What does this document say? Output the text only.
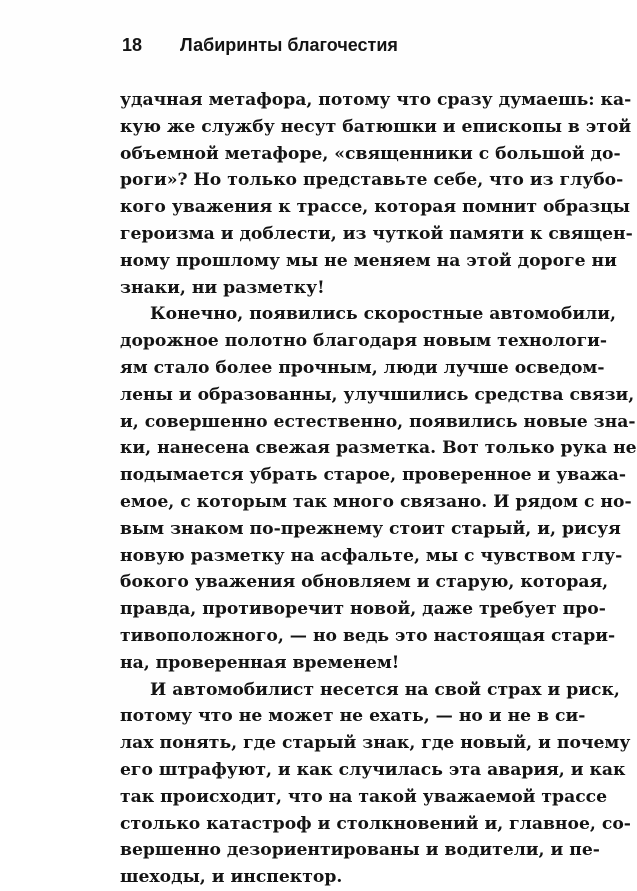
18 Лабиринты благочестия
удачная метафора, потому что сразу думаешь: ка-
кую же службу несут батюшки и епископы в этой
объемной метафоре, «священники с большой до-
роги»? Но только представьте себе, что из глубо-
кого уважения к трассе, которая помнит образцы
героизма и доблести, из чуткой памяти к священ-
ному прошлому мы не меняем на этой дороге ни
знаки, ни разметку!
Конечно, появились скоростные автомобили,
дорожное полотно благодаря новым технологи-
ям стало более прочным, люди лучше осведом-
лены и образованны, улучшились средства связи,
и, совершенно естественно, появились новые зна-
ки, нанесена свежая разметка. Вот только рука не
подымается убрать старое, проверенное и уважа-
емое, с которым так много связано. И рядом с но-
вым знаком по-прежнему стоит старый, и, рисуя
новую разметку на асфальте, мы с чувством глу-
бокого уважения обновляем и старую, которая,
правда, противоречит новой, даже требует про-
тивоположного, — но ведь это настоящая стари-
на, проверенная временем!
И автомобилист несется на свой страх и риск,
потому что не может не ехать, — но и не в си-
лах понять, где старый знак, где новый, и почему
его штрафуют, и как случилась эта авария, и как
так происходит, что на такой уважаемой трассе
столько катастроф и столкновений и, главное, со-
вершенно дезориентированы и водители, и пе-
шеходы, и инспектор.
